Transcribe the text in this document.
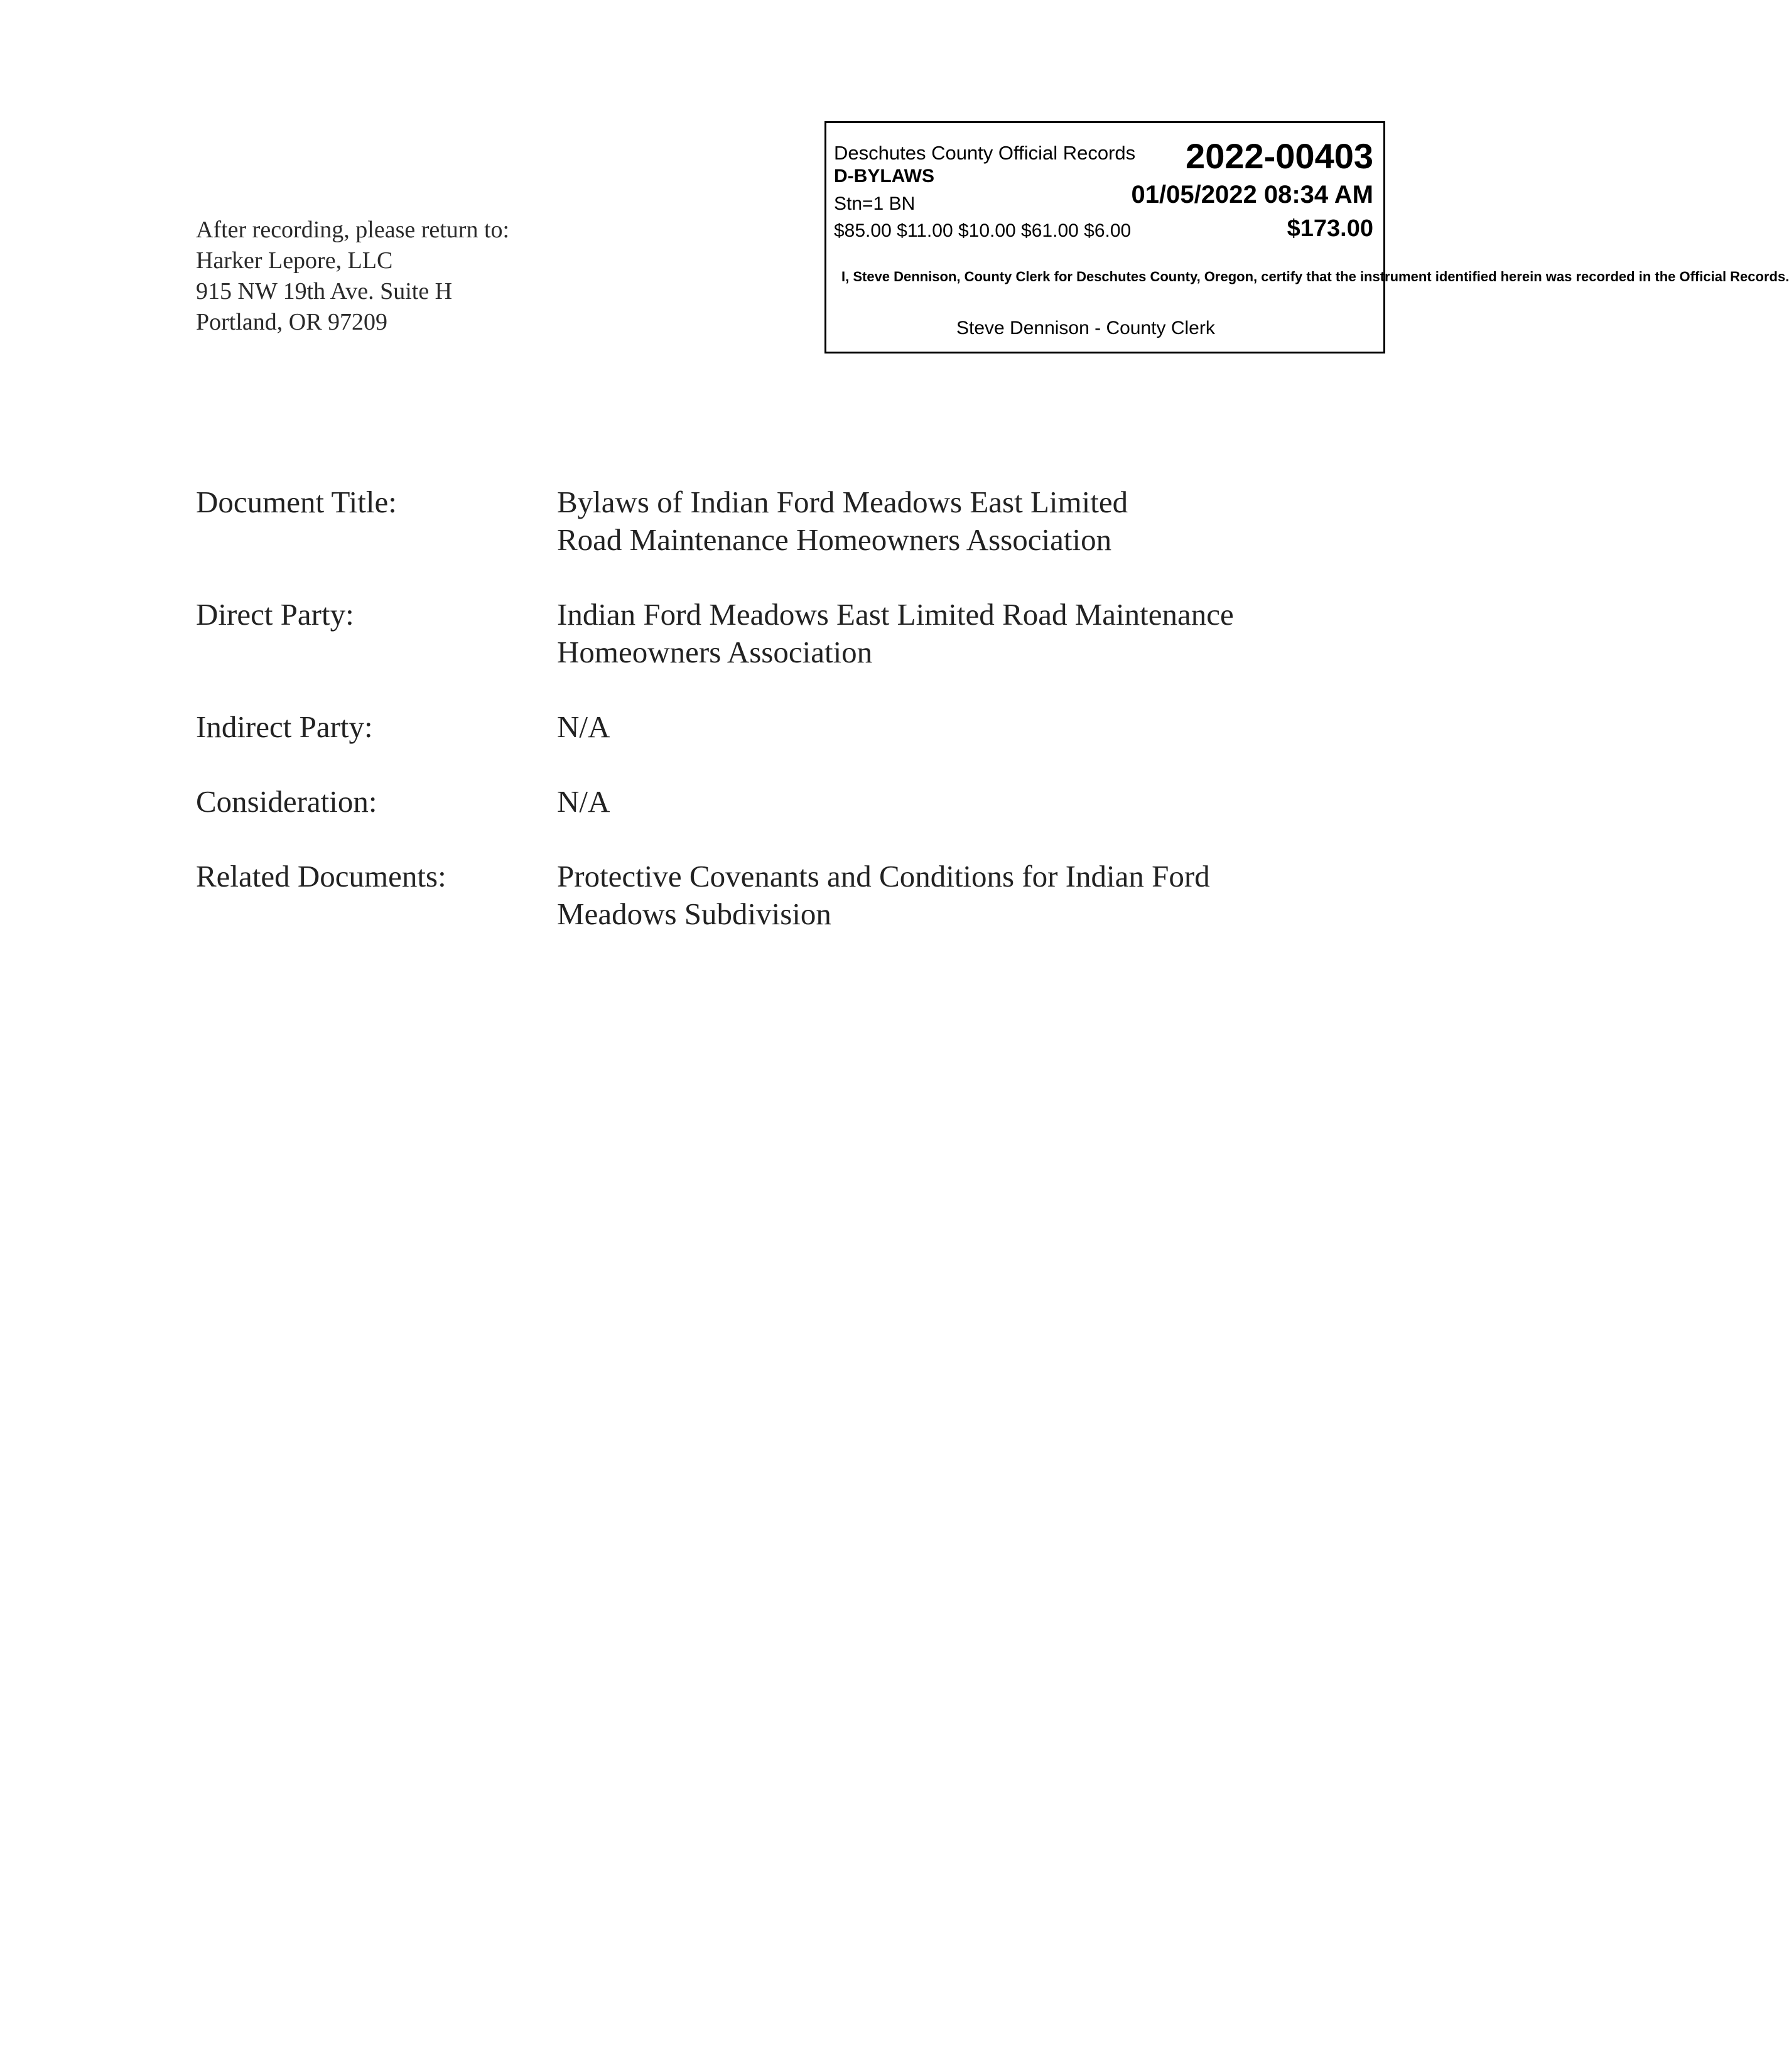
After recording, please return to:
Harker Lepore, LLC
915 NW 19th Ave. Suite H
Portland, OR 97209
Deschutes County Official Records 2022-00403
D-BYLAWS
Stn=1 BN	01/05/2022 08:34 AM
$85.00 $11.00 $10.00 $61.00 $6.00	$173.00
I, Steve Dennison, County Clerk for Deschutes County, Oregon, certify that the instrument identified herein was recorded in the Official Records.
Steve Dennison - County Clerk
Document Title:	Bylaws of Indian Ford Meadows East Limited
Road Maintenance Homeowners Association
Direct Party:	Indian Ford Meadows East Limited Road Maintenance
Homeowners Association
Indirect Party:	N/A
Consideration:	N/A
Related Documents:	Protective Covenants and Conditions for Indian Ford
Meadows Subdivision
